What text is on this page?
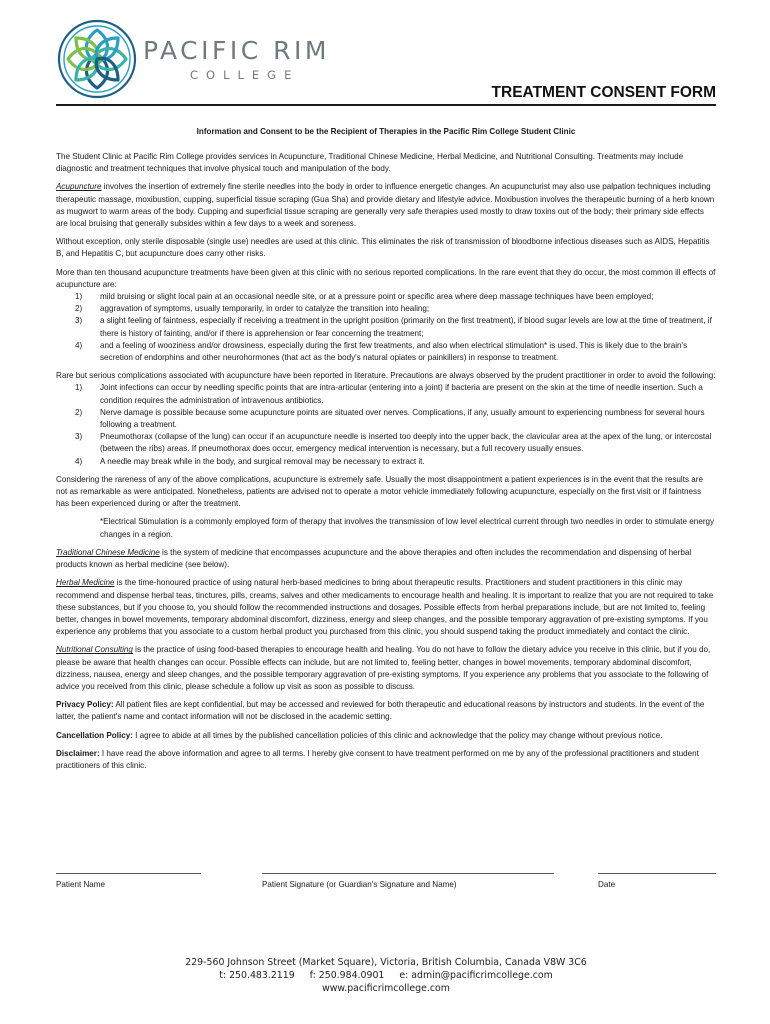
PACIFIC RIM
COLLEGE
TREATMENT CONSENT FORM
Information and Consent to be the Recipient of Therapies in the Pacific Rim College Student Clinic

The Student Clinic at Pacific Rim College provides services in Acupuncture, Traditional Chinese Medicine, Herbal Medicine, and Nutritional Consulting. Treatments may include diagnostic and treatment techniques that involve physical touch and manipulation of the body.

Acupuncture involves the insertion of extremely fine sterile needles into the body in order to influence energetic changes. An acupuncturist may also use palpation techniques including therapeutic massage, moxibustion, cupping, superficial tissue scraping (Gua Sha) and provide dietary and lifestyle advice. Moxibustion involves the therapeutic burning of a herb known as mugwort to warm areas of the body. Cupping and superficial tissue scraping are generally very safe therapies used mostly to draw toxins out of the body; their primary side effects are local bruising that generally subsides within a few days to a week and soreness.

Without exception, only sterile disposable (single use) needles are used at this clinic. This eliminates the risk of transmission of bloodborne infectious diseases such as AIDS, Hepatitis B, and Hepatitis C, but acupuncture does carry other risks.

More than ten thousand acupuncture treatments have been given at this clinic with no serious reported complications. In the rare event that they do occur, the most common ill effects of acupuncture are:

1) mild bruising or slight local pain at an occasional needle site, or at a pressure point or specific area where deep massage techniques have been employed;
2) aggravation of symptoms, usually temporarily, in order to catalyze the transition into healing;
3) a slight feeling of faintness, especially if receiving a treatment in the upright position (primarily on the first treatment), if blood sugar levels are low at the time of treatment, if there is history of fainting, and/or if there is apprehension or fear concerning the treatment;
4) and a feeling of wooziness and/or drowsiness, especially during the first few treatments, and also when electrical stimulation* is used. This is likely due to the brain's secretion of endorphins and other neurohormones (that act as the body's natural opiates or painkillers) in response to treatment.

Rare but serious complications associated with acupuncture have been reported in literature. Precautions are always observed by the prudent practitioner in order to avoid the following:

1) Joint infections can occur by needling specific points that are intra-articular (entering into a joint) if bacteria are present on the skin at the time of needle insertion. Such a condition requires the administration of intravenous antibiotics.
2) Nerve damage is possible because some acupuncture points are situated over nerves. Complications, if any, usually amount to experiencing numbness for several hours following a treatment.
3) Pneumothorax (collapse of the lung) can occur if an acupuncture needle is inserted too deeply into the upper back, the clavicular area at the apex of the lung, or intercostal (between the ribs) areas. If pneumothorax does occur, emergency medical intervention is necessary, but a full recovery usually ensues.
4) A needle may break while in the body, and surgical removal may be necessary to extract it.

Considering the rareness of any of the above complications, acupuncture is extremely safe. Usually the most disappointment a patient experiences is in the event that the results are not as remarkable as were anticipated. Nonetheless, patients are advised not to operate a motor vehicle immediately following acupuncture, especially on the first visit or if faintness has been experienced during or after the treatment.

*Electrical Stimulation is a commonly employed form of therapy that involves the transmission of low level electrical current through two needles in order to stimulate energy changes in a region.

Traditional Chinese Medicine is the system of medicine that encompasses acupuncture and the above therapies and often includes the recommendation and dispensing of herbal products known as herbal medicine (see below).

Herbal Medicine is the time-honoured practice of using natural herb-based medicines to bring about therapeutic results. Practitioners and student practitioners in this clinic may recommend and dispense herbal teas, tinctures, pills, creams, salves and other medicaments to encourage health and healing. It is important to realize that you are not required to take these substances, but if you choose to, you should follow the recommended instructions and dosages. Possible effects from herbal preparations include, but are not limited to, feeling better, changes in bowel movements, temporary abdominal discomfort, dizziness, energy and sleep changes, and the possible temporary aggravation of pre-existing symptoms. If you experience any problems that you associate to a custom herbal product you purchased from this clinic, you should suspend taking the product immediately and contact the clinic.

Nutritional Consulting is the practice of using food-based therapies to encourage health and healing. You do not have to follow the dietary advice you receive in this clinic, but if you do, please be aware that health changes can occur. Possible effects can include, but are not limited to, feeling better, changes in bowel movements, temporary abdominal discomfort, dizziness, nausea, energy and sleep changes, and the possible temporary aggravation of pre-existing symptoms. If you experience any problems that you associate to the following of advice you received from this clinic, please schedule a follow up visit as soon as possible to discuss.

Privacy Policy: All patient files are kept confidential, but may be accessed and reviewed for both therapeutic and educational reasons by instructors and students. In the event of the latter, the patient's name and contact information will not be disclosed in the academic setting.

Cancellation Policy: I agree to abide at all times by the published cancellation policies of this clinic and acknowledge that the policy may change without previous notice.

Disclaimer: I have read the above information and agree to all terms. I hereby give consent to have treatment performed on me by any of the professional practitioners and student practitioners of this clinic.

Patient Name	Patient Signature (or Guardian's Signature and Name)	Date
229-560 Johnson Street (Market Square), Victoria, British Columbia, Canada V8W 3C6
t: 250.483.2119 f: 250.984.0901 e: admin@pacificrimcollege.com
www.pacificrimcollege.com
